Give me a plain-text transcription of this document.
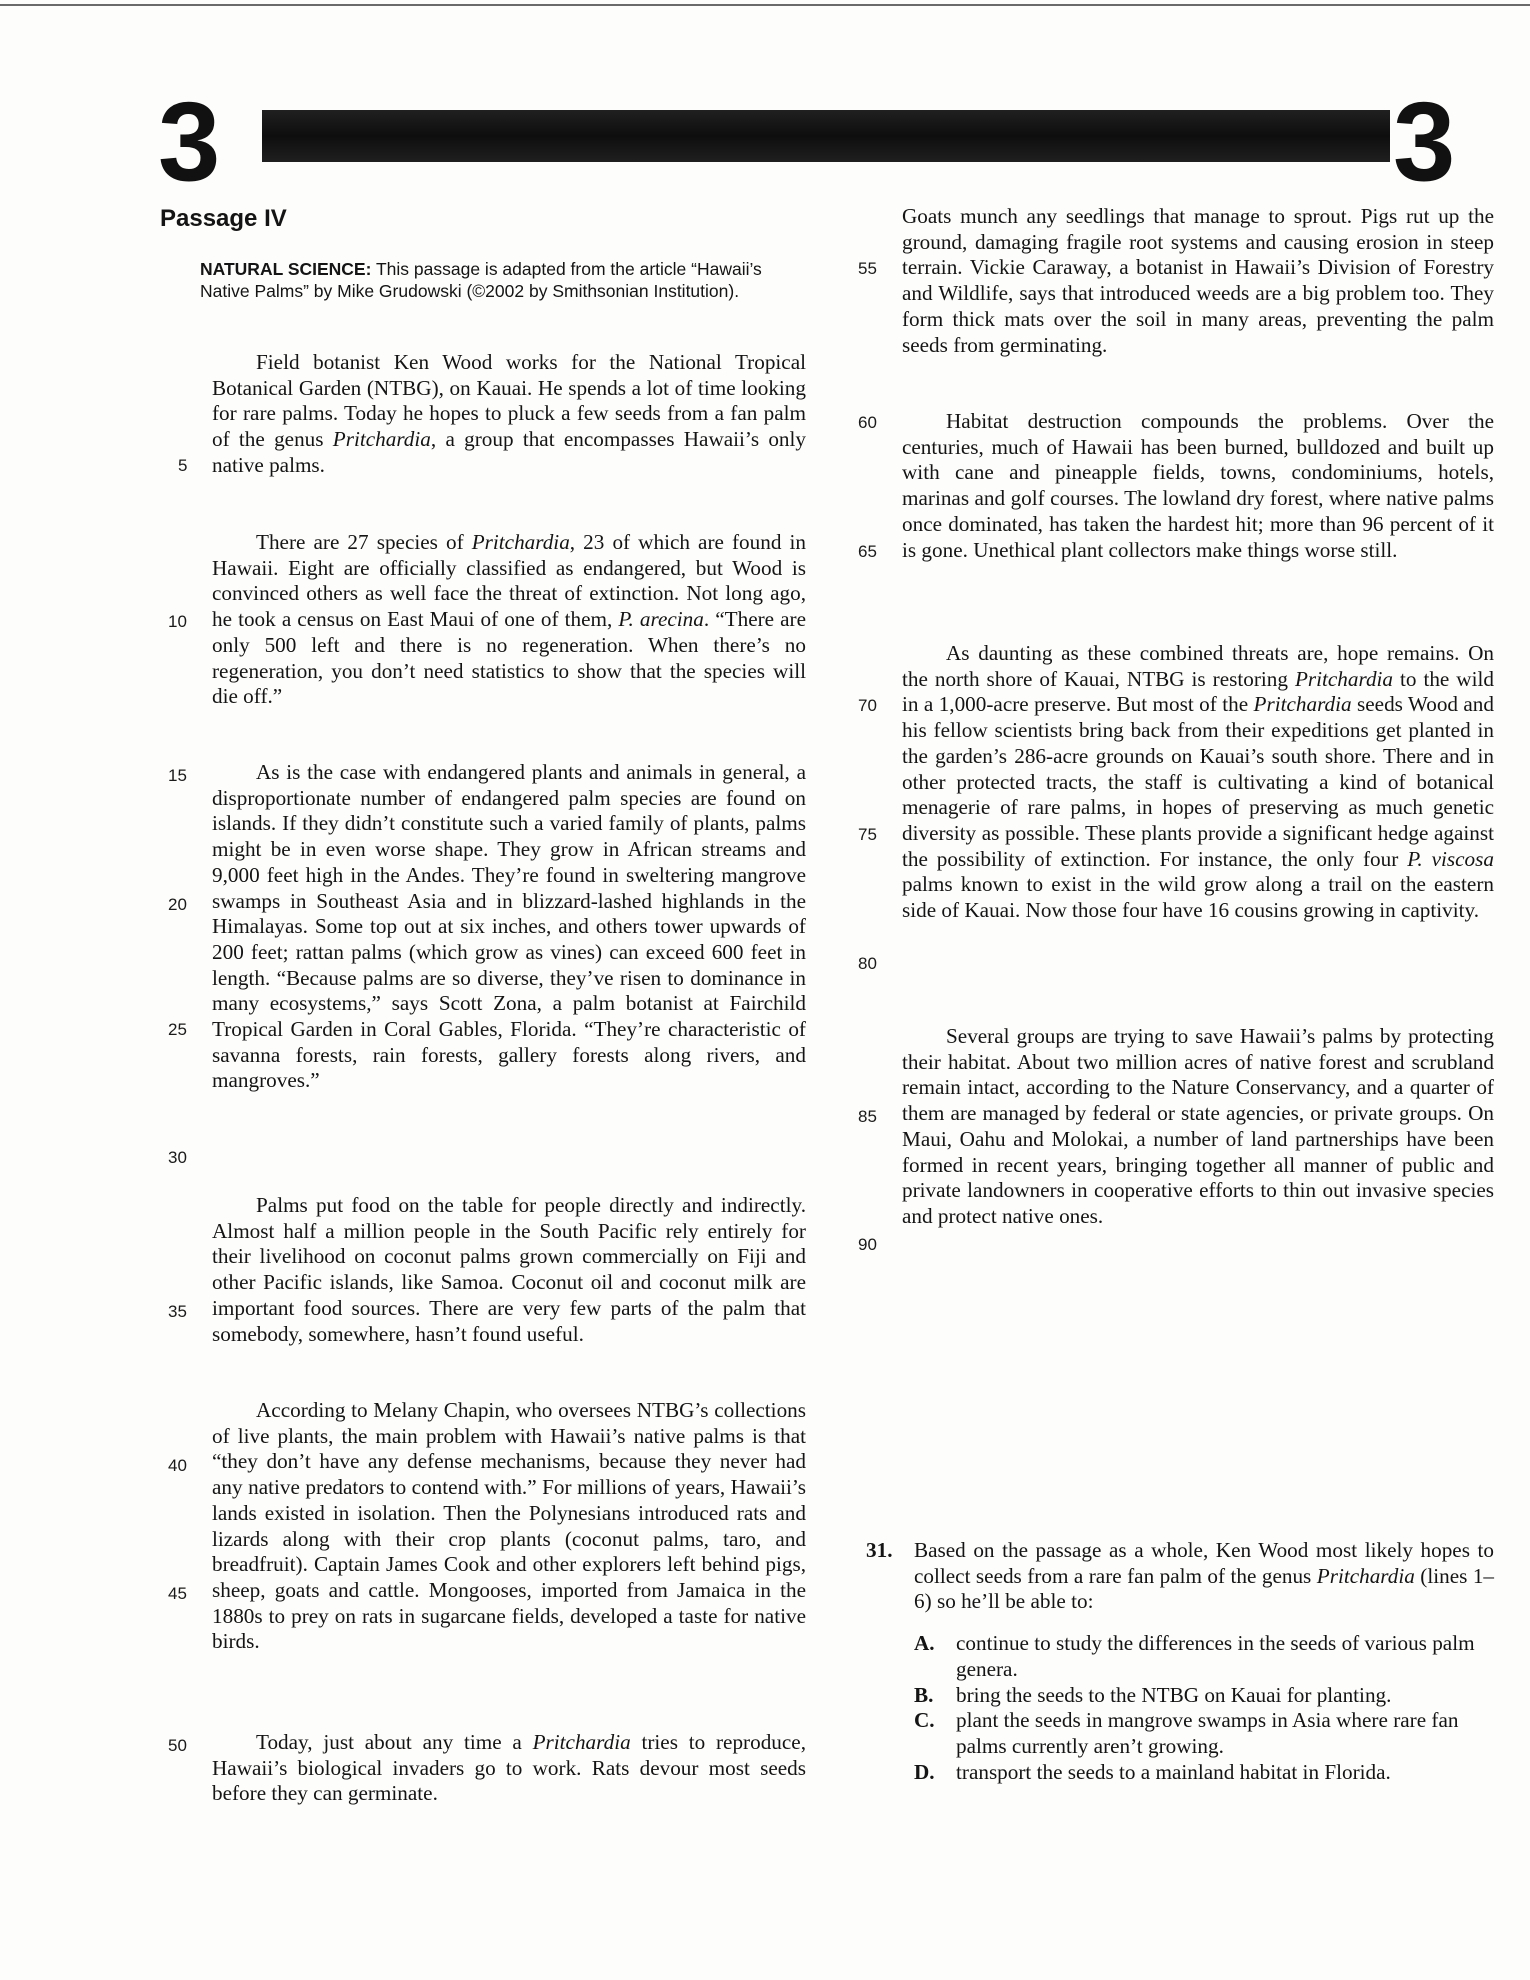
3	3
Passage IV
NATURAL SCIENCE: This passage is adapted from the article “Hawaii’s Native Palms” by Mike Grudowski (©2002 by Smithsonian Institution).

Field botanist Ken Wood works for the National Tropical Botanical Garden (NTBG), on Kauai. He spends a lot of time looking for rare palms. Today he hopes to pluck a few seeds from a fan palm of the genus Pritchardia, a group that encompasses Hawaii’s only native palms.

There are 27 species of Pritchardia, 23 of which are found in Hawaii. Eight are officially classified as endangered, but Wood is convinced others as well face the threat of extinction. Not long ago, he took a census on East Maui of one of them, P. arecina. “There are only 500 left and there is no regeneration. When there’s no regeneration, you don’t need statistics to show that the species will die off.”

As is the case with endangered plants and animals in general, a disproportionate number of endangered palm species are found on islands. If they didn’t constitute such a varied family of plants, palms might be in even worse shape. They grow in African streams and 9,000 feet high in the Andes. They’re found in sweltering mangrove swamps in Southeast Asia and in blizzard-lashed highlands in the Himalayas. Some top out at six inches, and others tower upwards of 200 feet; rattan palms (which grow as vines) can exceed 600 feet in length. “Because palms are so diverse, they’ve risen to dominance in many ecosystems,” says Scott Zona, a palm botanist at Fairchild Tropical Garden in Coral Gables, Florida. “They’re characteristic of savanna forests, rain forests, gallery forests along rivers, and mangroves.”

Palms put food on the table for people directly and indirectly. Almost half a million people in the South Pacific rely entirely for their livelihood on coconut palms grown commercially on Fiji and other Pacific islands, like Samoa. Coconut oil and coconut milk are important food sources. There are very few parts of the palm that somebody, somewhere, hasn’t found useful.

According to Melany Chapin, who oversees NTBG’s collections of live plants, the main problem with Hawaii’s native palms is that “they don’t have any defense mechanisms, because they never had any native predators to contend with.” For millions of years, Hawaii’s lands existed in isolation. Then the Polynesians introduced rats and lizards along with their crop plants (coconut palms, taro, and breadfruit). Captain James Cook and other explorers left behind pigs, sheep, goats and cattle. Mongooses, imported from Jamaica in the 1880s to prey on rats in sugarcane fields, developed a taste for native birds.

Today, just about any time a Pritchardia tries to reproduce, Hawaii’s biological invaders go to work. Rats devour most seeds before they can germinate.

Goats munch any seedlings that manage to sprout. Pigs rut up the ground, damaging fragile root systems and causing erosion in steep terrain. Vickie Caraway, a botanist in Hawaii’s Division of Forestry and Wildlife, says that introduced weeds are a big problem too. They form thick mats over the soil in many areas, preventing the palm seeds from germinating.

Habitat destruction compounds the problems. Over the centuries, much of Hawaii has been burned, bulldozed and built up with cane and pineapple fields, towns, condominiums, hotels, marinas and golf courses. The lowland dry forest, where native palms once dominated, has taken the hardest hit; more than 96 percent of it is gone. Unethical plant collectors make things worse still.

As daunting as these combined threats are, hope remains. On the north shore of Kauai, NTBG is restoring Pritchardia to the wild in a 1,000-acre preserve. But most of the Pritchardia seeds Wood and his fellow scientists bring back from their expeditions get planted in the garden’s 286-acre grounds on Kauai’s south shore. There and in other protected tracts, the staff is cultivating a kind of botanical menagerie of rare palms, in hopes of preserving as much genetic diversity as possible. These plants provide a significant hedge against the possibility of extinction. For instance, the only four P. viscosa palms known to exist in the wild grow along a trail on the eastern side of Kauai. Now those four have 16 cousins growing in captivity.

Several groups are trying to save Hawaii’s palms by protecting their habitat. About two million acres of native forest and scrubland remain intact, according to the Nature Conservancy, and a quarter of them are managed by federal or state agencies, or private groups. On Maui, Oahu and Molokai, a number of land partnerships have been formed in recent years, bringing together all manner of public and private landowners in cooperative efforts to thin out invasive species and protect native ones.

5
10
15
20
25
30
35
40
45
50
55
60
65
70
75
80
85
90
31. Based on the passage as a whole, Ken Wood most likely hopes to collect seeds from a rare fan palm of the genus Pritchardia (lines 1–6) so he’ll be able to:
A. continue to study the differences in the seeds of various palm genera.
B. bring the seeds to the NTBG on Kauai for planting.
C. plant the seeds in mangrove swamps in Asia where rare fan palms currently aren’t growing.
D. transport the seeds to a mainland habitat in Florida.
